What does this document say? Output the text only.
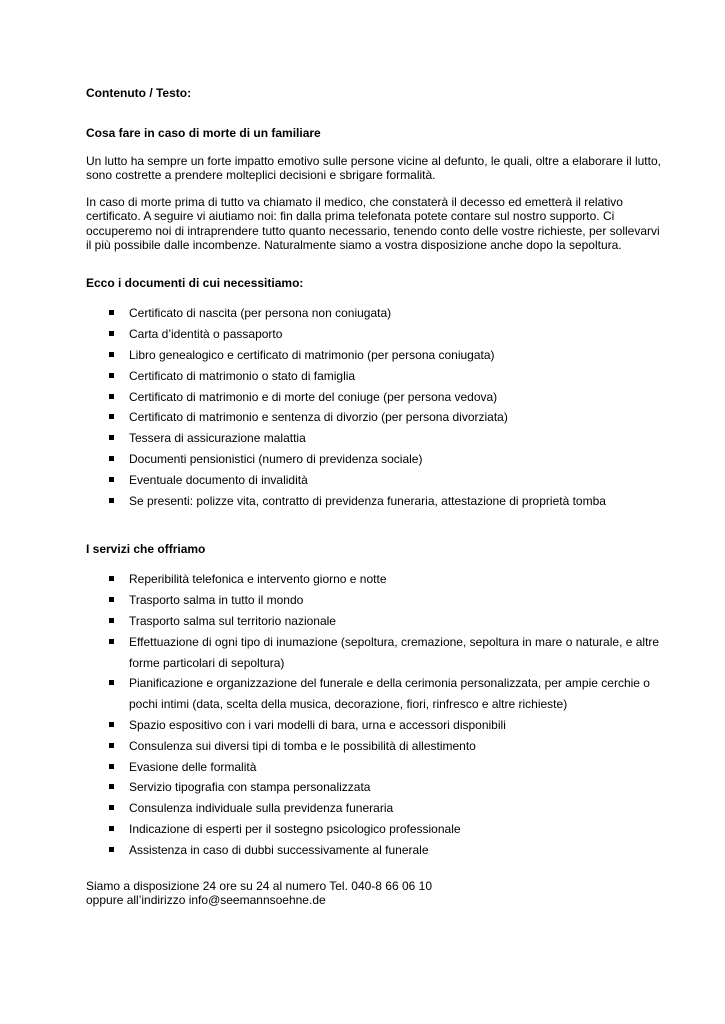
Contenuto / Testo:
Cosa fare in caso di morte di un familiare

Un lutto ha sempre un forte impatto emotivo sulle persone vicine al defunto, le quali, oltre a elaborare il lutto, sono costrette a prendere molteplici decisioni e sbrigare formalità.

In caso di morte prima di tutto va chiamato il medico, che constaterà il decesso ed emetterà il relativo certificato. A seguire vi aiutiamo noi: fin dalla prima telefonata potete contare sul nostro supporto. Ci occuperemo noi di intraprendere tutto quanto necessario, tenendo conto delle vostre richieste, per sollevarvi il più possibile dalle incombenze. Naturalmente siamo a vostra disposizione anche dopo la sepoltura.

Ecco i documenti di cui necessitiamo:
Certificato di nascita (per persona non coniugata)
Carta d’identità o passaporto
Libro genealogico e certificato di matrimonio (per persona coniugata)
Certificato di matrimonio o stato di famiglia
Certificato di matrimonio e di morte del coniuge (per persona vedova)
Certificato di matrimonio e sentenza di divorzio (per persona divorziata)
Tessera di assicurazione malattia
Documenti pensionistici (numero di previdenza sociale)
Eventuale documento di invalidità
Se presenti: polizze vita, contratto di previdenza funeraria, attestazione di proprietà tomba
I servizi che offriamo
Reperibilità telefonica e intervento giorno e notte
Trasporto salma in tutto il mondo
Trasporto salma sul territorio nazionale
Effettuazione di ogni tipo di inumazione (sepoltura, cremazione, sepoltura in mare o naturale, e altre forme particolari di sepoltura)
Pianificazione e organizzazione del funerale e della cerimonia personalizzata, per ampie cerchie o pochi intimi (data, scelta della musica, decorazione, fiori, rinfresco e altre richieste)
Spazio espositivo con i vari modelli di bara, urna e accessori disponibili
Consulenza sui diversi tipi di tomba e le possibilità di allestimento
Evasione delle formalità
Servizio tipografia con stampa personalizzata
Consulenza individuale sulla previdenza funeraria
Indicazione di esperti per il sostegno psicologico professionale
Assistenza in caso di dubbi successivamente al funerale

Siamo a disposizione 24 ore su 24 al numero Tel. 040-8 66 06 10

oppure all’indirizzo info@seemannsoehne.de
